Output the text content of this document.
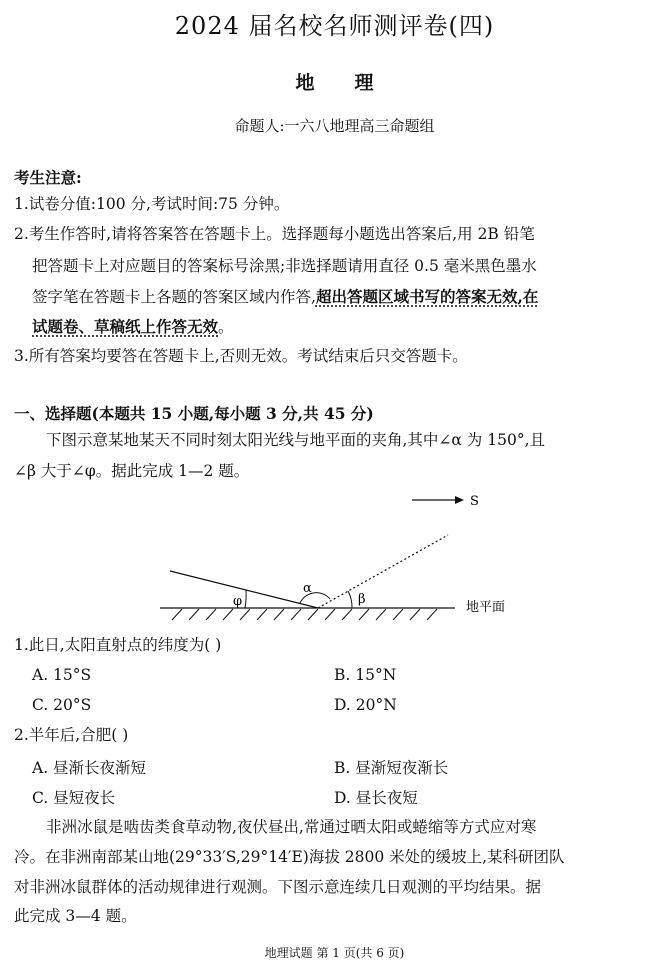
2024 届名校名师测评卷(四)
地理
命题人:一六八地理高三命题组
考生注意:
1.试卷分值:100 分,考试时间:75 分钟。
2.考生作答时,请将答案答在答题卡上。选择题每小题选出答案后,用 2B 铅笔
把答题卡上对应题目的答案标号涂黑;非选择题请用直径 0.5 毫米黑色墨水
签字笔在答题卡上各题的答案区域内作答,超出答题区域书写的答案无效,在
试题卷、草稿纸上作答无效。
3.所有答案均要答在答题卡上,否则无效。考试结束后只交答题卡。
一、选择题(本题共 15 小题,每小题 3 分,共 45 分)
下图示意某地某天不同时刻太阳光线与地平面的夹角,其中∠α 为 150°,且
∠β 大于∠φ。据此完成 1—2 题。
S
φ
α
β
地平面
1.此日,太阳直射点的纬度为( )
A. 15°S	B. 15°N
C. 20°S	D. 20°N
2.半年后,合肥( )
A. 昼渐长夜渐短	B. 昼渐短夜渐长
C. 昼短夜长	D. 昼长夜短
非洲冰鼠是啮齿类食草动物,夜伏昼出,常通过晒太阳或蜷缩等方式应对寒
冷。在非洲南部某山地(29°33′S,29°14′E)海拔 2800 米处的缓坡上,某科研团队
对非洲冰鼠群体的活动规律进行观测。下图示意连续几日观测的平均结果。据
此完成 3—4 题。
地理试题 第 1 页(共 6 页)
